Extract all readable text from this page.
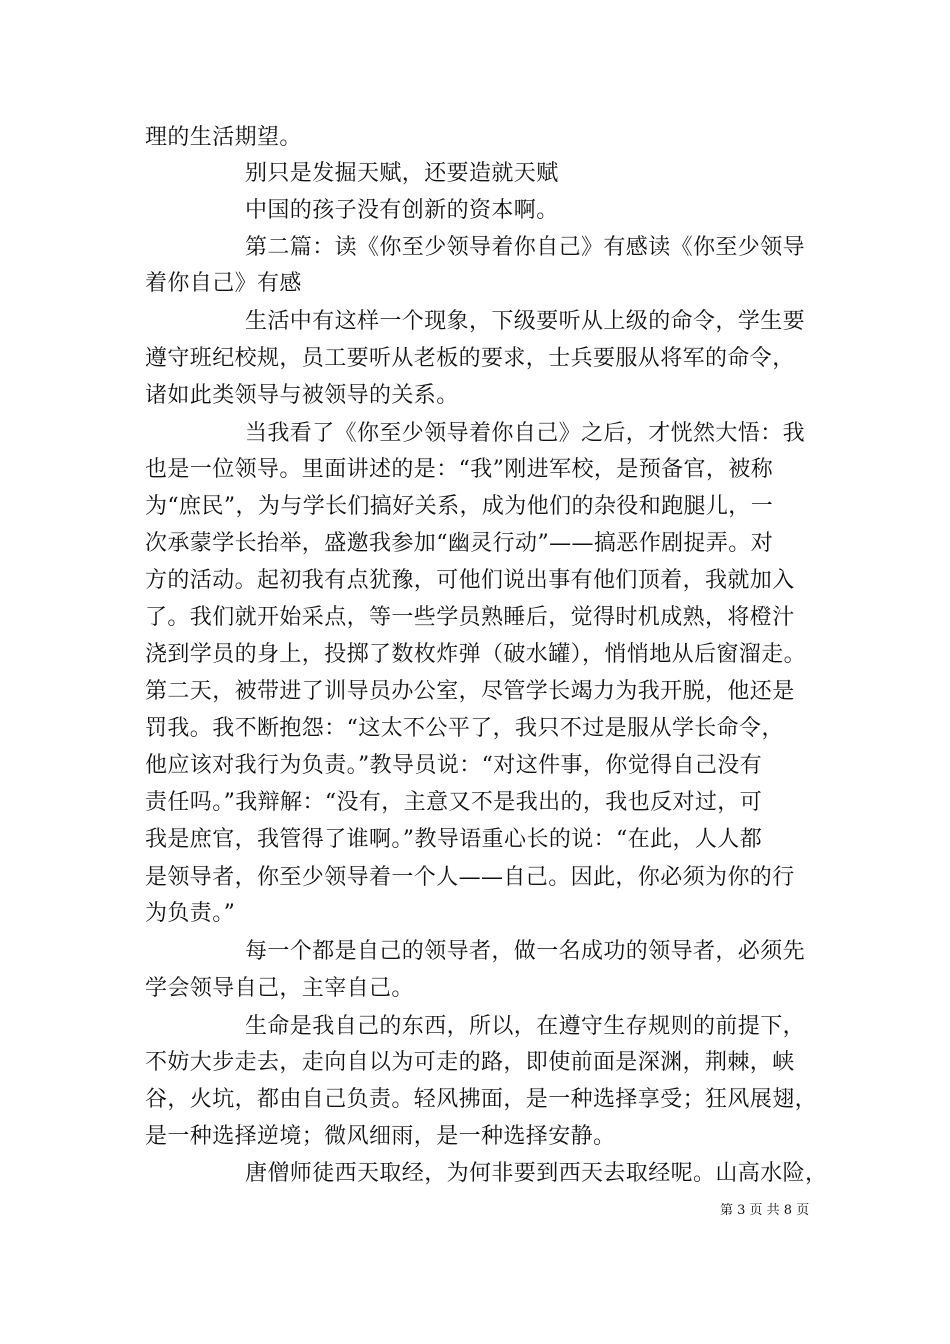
理的生活期望。
别只是发掘天赋，还要造就天赋
中国的孩子没有创新的资本啊。
第二篇：读《你至少领导着你自己》有感读《你至少领导
着你自己》有感
生活中有这样一个现象，下级要听从上级的命令，学生要
遵守班纪校规，员工要听从老板的要求，士兵要服从将军的命令，
诸如此类领导与被领导的关系。
当我看了《你至少领导着你自己》之后，才恍然大悟：我
也是一位领导。里面讲述的是：“我”刚进军校，是预备官，被称
为“庶民”，为与学长们搞好关系，成为他们的杂役和跑腿儿，一
次承蒙学长抬举，盛邀我参加“幽灵行动”——搞恶作剧捉弄。对
方的活动。起初我有点犹豫，可他们说出事有他们顶着，我就加入
了。我们就开始采点，等一些学员熟睡后，觉得时机成熟，将橙汁
浇到学员的身上，投掷了数枚炸弹（破水罐），悄悄地从后窗溜走。
第二天，被带进了训导员办公室，尽管学长竭力为我开脱，他还是
罚我。我不断抱怨：“这太不公平了，我只不过是服从学长命令，
他应该对我行为负责。”教导员说：“对这件事，你觉得自己没有
责任吗。”我辩解：“没有，主意又不是我出的，我也反对过，可
我是庶官，我管得了谁啊。”教导语重心长的说：“在此，人人都
是领导者，你至少领导着一个人——自己。因此，你必须为你的行
为负责。”
每一个都是自己的领导者，做一名成功的领导者，必须先
学会领导自己，主宰自己。
生命是我自己的东西，所以，在遵守生存规则的前提下，
不妨大步走去，走向自以为可走的路，即使前面是深渊，荆棘，峡
谷，火坑，都由自己负责。轻风拂面，是一种选择享受；狂风展翅，
是一种选择逆境；微风细雨，是一种选择安静。
唐僧师徒西天取经，为何非要到西天去取经呢。山高水险，
第 3 页 共 8 页
